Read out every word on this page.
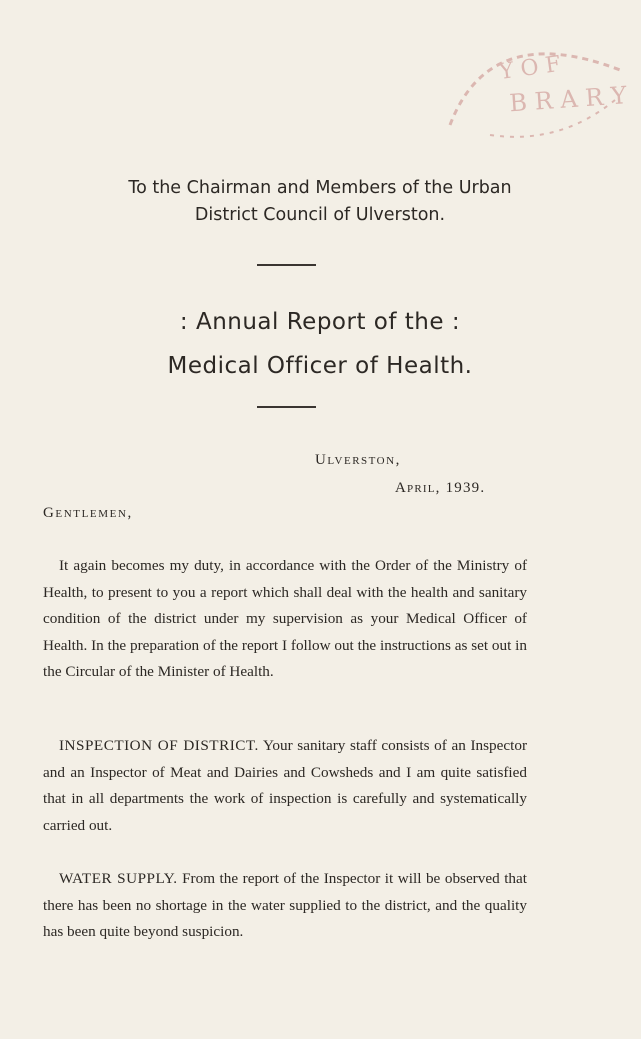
Y O F
B R A R Y
To the Chairman and Members of the Urban
District Council of Ulverston.
: Annual Report of the :
Medical Officer of Health.
Ulverston,
April, 1939.
Gentlemen,

It again becomes my duty, in accordance with the Order of the Ministry of Health, to present to you a report which shall deal with the health and sanitary condition of the district under my supervision as your Medical Officer of Health. In the preparation of the report I follow out the instructions as set out in the Circular of the Minister of Health.

INSPECTION OF DISTRICT. Your sanitary staff consists of an Inspector and an Inspector of Meat and Dairies and Cowsheds and I am quite satisfied that in all departments the work of inspection is carefully and systematically carried out.

WATER SUPPLY. From the report of the Inspector it will be observed that there has been no shortage in the water supplied to the district, and the quality has been quite beyond suspicion.
